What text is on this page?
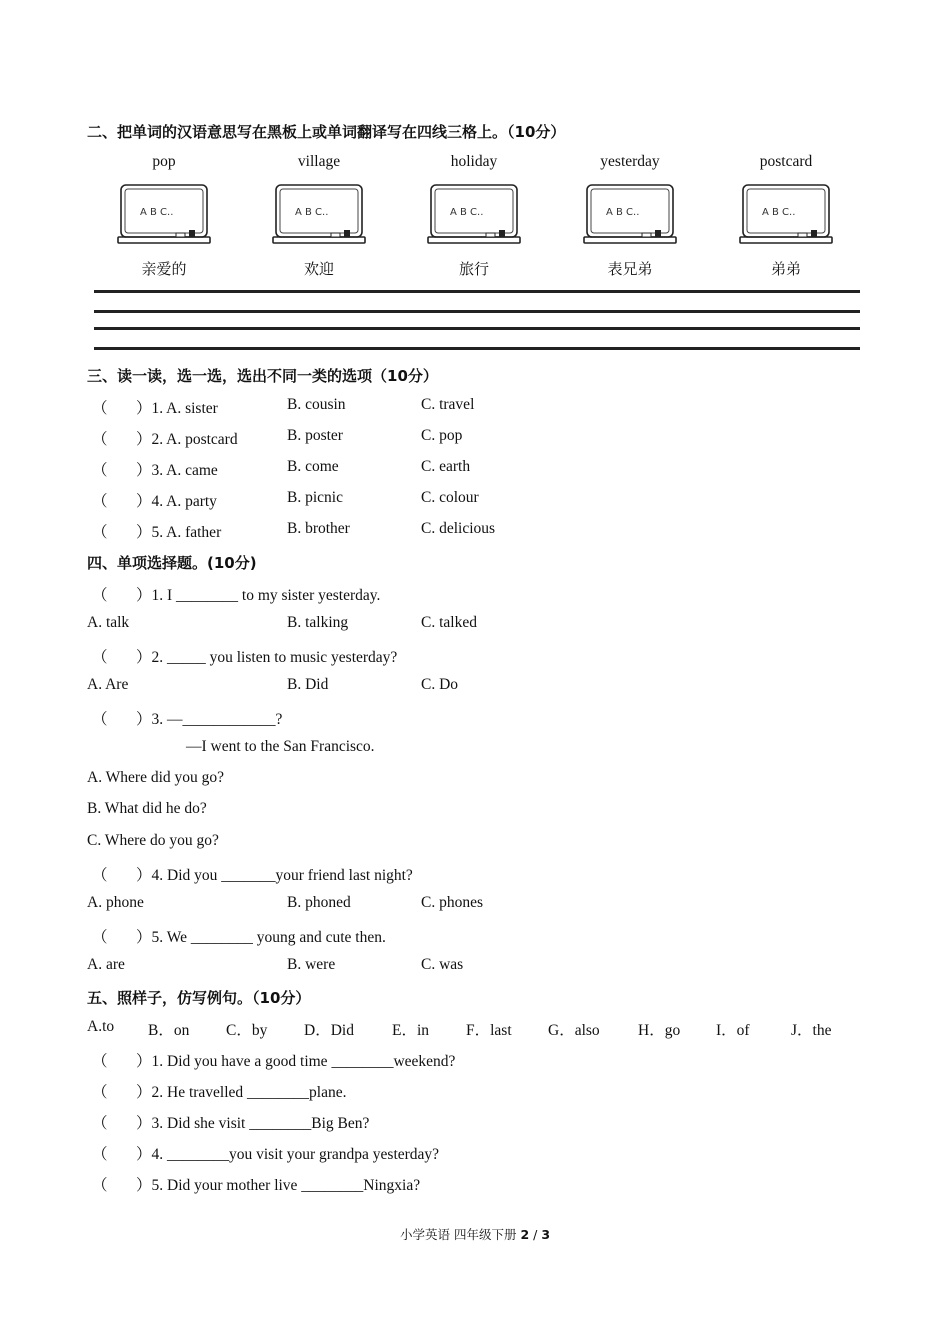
二、把单词的汉语意思写在黑板上或单词翻译写在四线三格上。（10分）
pop	village	holiday	yesterday	postcard
A B C..	A B C..	A B C..	A B C..	A B C..
亲爱的	欢迎	旅行	表兄弟	弟弟
三、读一读，选一选，选出不同一类的选项（10分）
（ ）1. A. sister	B. cousin	C. travel
（ ）2. A. postcard	B. poster	C. pop
（ ）3. A. came	B. come	C. earth
（ ）4. A. party	B. picnic	C. colour
（ ）5. A. father	B. brother	C. delicious
四、单项选择题。(10分)
（ ）1. I ________ to my sister yesterday.
A. talk	B. talking	C. talked
（ ）2. _____ you listen to music yesterday?
A. Are	B. Did	C. Do
（ ）3. —____________?
—I went to the San Francisco.
A. Where did you go?
B. What did he do?
C. Where do you go?
（ ）4. Did you _______your friend last night?
A. phone	B. phoned	C. phones
（ ）5. We ________ young and cute then.
A. are	B. were	C. was
五、照样子，仿写例句。（10分）
A.to B．on C．by D．Did E．in F．last G．also H．go I．of	J．the
（ ）1. Did you have a good time ________weekend?
（ ）2. He travelled ________plane.
（ ）3. Did she visit ________Big Ben?
（ ）4. ________you visit your grandpa yesterday?
（ ）5. Did your mother live ________Ningxia?
小学英语 四年级下册 2 / 3
